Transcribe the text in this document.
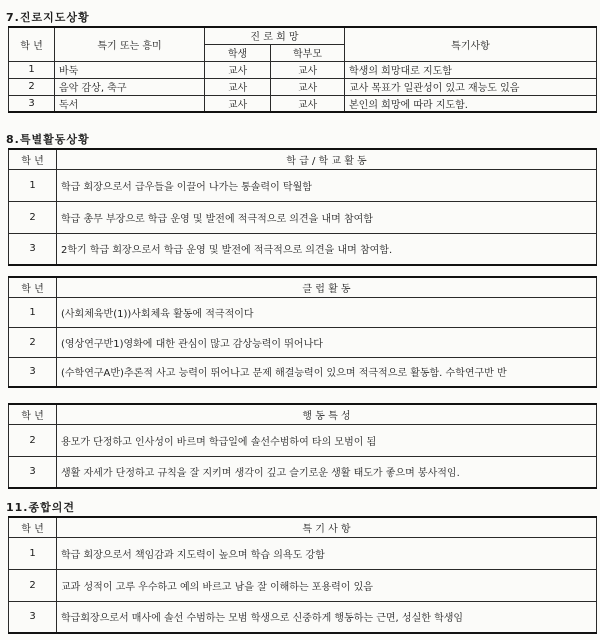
7.진로지도상황
학 년	특기 또는 흥미	진 로 희 망		특기사항
		학생	학부모	
1	바둑	교사	교사	학생의 희망대로 지도함
2	음악 감상, 축구	교사	교사	교사 목표가 일관성이 있고 재능도 있음
3	독서	교사	교사	본인의 희망에 따라 지도함.
8.특별활동상황
학 년	학 급 / 학 교 활 동
1	학급 회장으로서 급우들을 이끌어 나가는 통솔력이 탁월함
2	학급 총무 부장으로 학급 운영 및 발전에 적극적으로 의견을 내며 참여함
3	2학기 학급 회장으로서 학급 운영 및 발전에 적극적으로 의견을 내며 참여함.
학 년	클 럽 활 동
1	(사회체육반(1))사회체육 활동에 적극적이다
2	(영상연구반1)영화에 대한 관심이 많고 감상능력이 뛰어나다
3	(수학연구A반)추론적 사고 능력이 뛰어나고 문제 해결능력이 있으며 적극적으로 활동함. 수학연구반 반
학 년	행 동 특 성
2	용모가 단정하고 인사성이 바르며 학급일에 솔선수범하여 타의 모범이 됨
3	생활 자세가 단정하고 규칙을 잘 지키며 생각이 깊고 슬기로운 생활 태도가 좋으며 봉사적임.
11.종합의견
학 년	특 기 사 항
1	학급 회장으로서 책임감과 지도력이 높으며 학습 의욕도 강함
2	교과 성적이 고루 우수하고 예의 바르고 남을 잘 이해하는 포용력이 있음
3	학급회장으로서 매사에 솔선 수범하는 모범 학생으로 신중하게 행동하는 근면, 성실한 학생임
